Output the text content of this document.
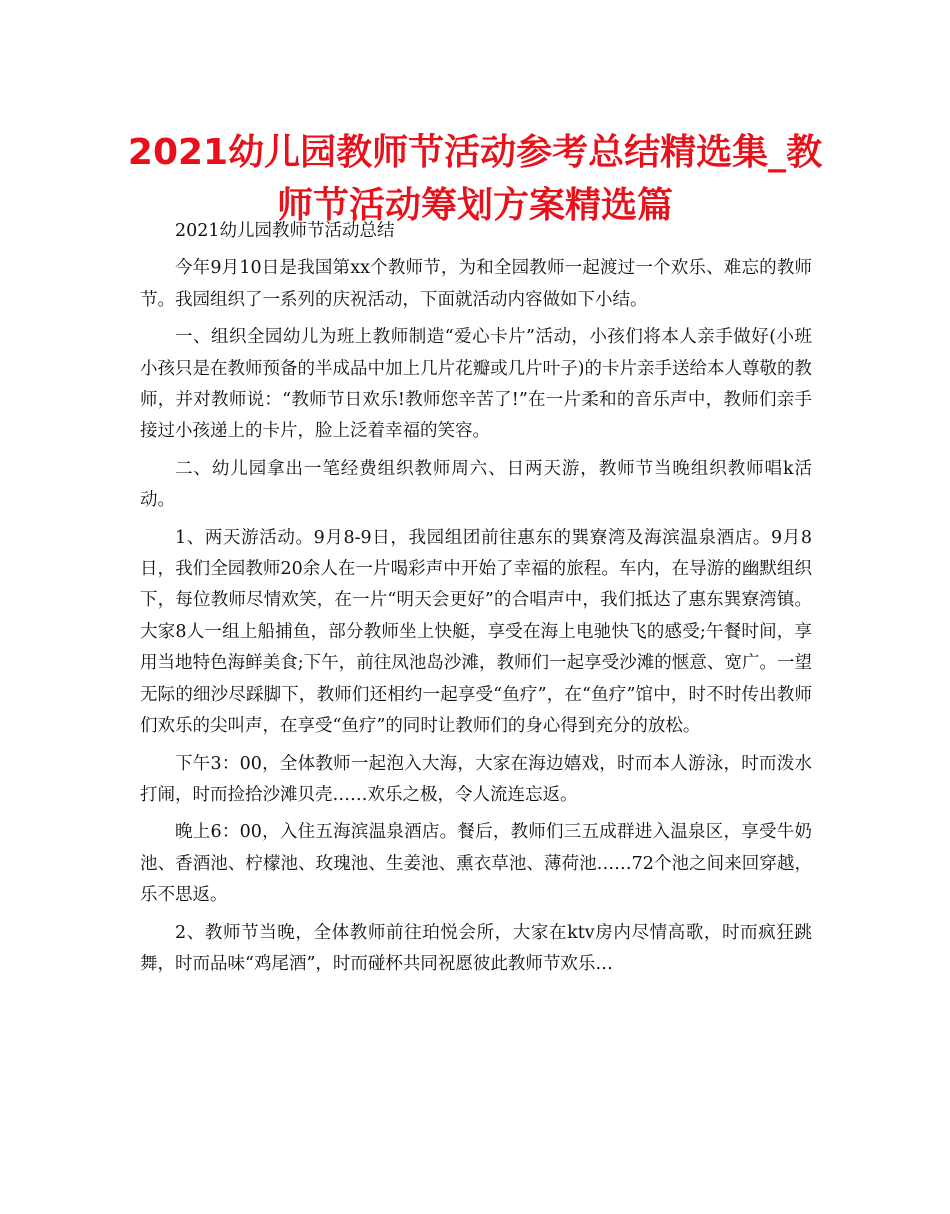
2021幼儿园教师节活动参考总结精选集_教师节活动筹划方案精选篇

2021幼儿园教师节活动总结

今年9月10日是我国第xx个教师节，为和全园教师一起渡过一个欢乐、难忘的教师节。我园组织了一系列的庆祝活动，下面就活动内容做如下小结。

一、组织全园幼儿为班上教师制造“爱心卡片”活动，小孩们将本人亲手做好(小班小孩只是在教师预备的半成品中加上几片花瓣或几片叶子)的卡片亲手送给本人尊敬的教师，并对教师说：“教师节日欢乐!教师您辛苦了!”在一片柔和的音乐声中，教师们亲手接过小孩递上的卡片，脸上泛着幸福的笑容。

二、幼儿园拿出一笔经费组织教师周六、日两天游，教师节当晚组织教师唱k活动。

1、两天游活动。9月8-9日，我园组团前往惠东的巽寮湾及海滨温泉酒店。9月8日，我们全园教师20余人在一片喝彩声中开始了幸福的旅程。车内，在导游的幽默组织下，每位教师尽情欢笑，在一片“明天会更好”的合唱声中，我们抵达了惠东巽寮湾镇。大家8人一组上船捕鱼，部分教师坐上快艇，享受在海上电驰快飞的感受;午餐时间，享用当地特色海鲜美食;下午，前往凤池岛沙滩，教师们一起享受沙滩的惬意、宽广。一望无际的细沙尽踩脚下，教师们还相约一起享受“鱼疗”，在“鱼疗”馆中，时不时传出教师们欢乐的尖叫声，在享受“鱼疗”的同时让教师们的身心得到充分的放松。

下午3：00，全体教师一起泡入大海，大家在海边嬉戏，时而本人游泳，时而泼水打闹，时而捡拾沙滩贝壳……欢乐之极，令人流连忘返。

晚上6：00，入住五海滨温泉酒店。餐后，教师们三五成群进入温泉区，享受牛奶池、香酒池、柠檬池、玫瑰池、生姜池、熏衣草池、薄荷池……72个池之间来回穿越，乐不思返。

2、教师节当晚，全体教师前往珀悦会所，大家在ktv房内尽情高歌，时而疯狂跳舞，时而品味“鸡尾酒”，时而碰杯共同祝愿彼此教师节欢乐…
